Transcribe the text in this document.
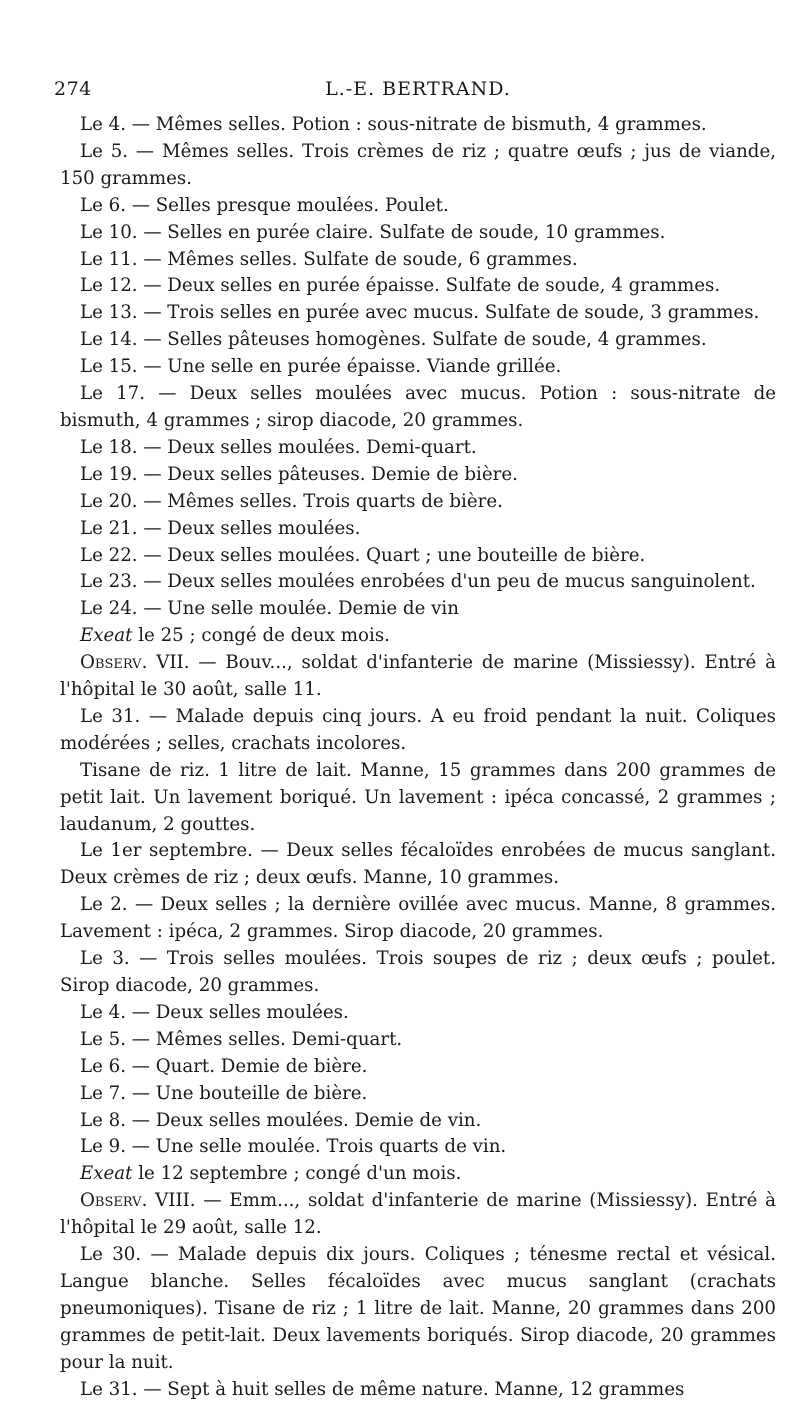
274	L.-E. BERTRAND.

Le 4. — Mêmes selles. Potion : sous-nitrate de bismuth, 4 grammes.

Le 5. — Mêmes selles. Trois crèmes de riz ; quatre œufs ; jus de viande, 150 grammes.

Le 6. — Selles presque moulées. Poulet.

Le 10. — Selles en purée claire. Sulfate de soude, 10 grammes.

Le 11. — Mêmes selles. Sulfate de soude, 6 grammes.

Le 12. — Deux selles en purée épaisse. Sulfate de soude, 4 grammes.

Le 13. — Trois selles en purée avec mucus. Sulfate de soude, 3 grammes.

Le 14. — Selles pâteuses homogènes. Sulfate de soude, 4 grammes.

Le 15. — Une selle en purée épaisse. Viande grillée.

Le 17. — Deux selles moulées avec mucus. Potion : sous-nitrate de bismuth, 4 grammes ; sirop diacode, 20 grammes.

Le 18. — Deux selles moulées. Demi-quart.

Le 19. — Deux selles pâteuses. Demie de bière.

Le 20. — Mêmes selles. Trois quarts de bière.

Le 21. — Deux selles moulées.

Le 22. — Deux selles moulées. Quart ; une bouteille de bière.

Le 23. — Deux selles moulées enrobées d'un peu de mucus sanguinolent.

Le 24. — Une selle moulée. Demie de vin

Exeat le 25 ; congé de deux mois.

Observ. VII. — Bouv..., soldat d'infanterie de marine (Missiessy). Entré à l'hôpital le 30 août, salle 11.

Le 31. — Malade depuis cinq jours. A eu froid pendant la nuit. Coliques modérées ; selles, crachats incolores.

Tisane de riz. 1 litre de lait. Manne, 15 grammes dans 200 grammes de petit lait. Un lavement boriqué. Un lavement : ipéca concassé, 2 grammes ; laudanum, 2 gouttes.

Le 1er septembre. — Deux selles fécaloïdes enrobées de mucus sanglant. Deux crèmes de riz ; deux œufs. Manne, 10 grammes.

Le 2. — Deux selles ; la dernière ovillée avec mucus. Manne, 8 grammes. Lavement : ipéca, 2 grammes. Sirop diacode, 20 grammes.

Le 3. — Trois selles moulées. Trois soupes de riz ; deux œufs ; poulet. Sirop diacode, 20 grammes.

Le 4. — Deux selles moulées.

Le 5. — Mêmes selles. Demi-quart.

Le 6. — Quart. Demie de bière.

Le 7. — Une bouteille de bière.

Le 8. — Deux selles moulées. Demie de vin.

Le 9. — Une selle moulée. Trois quarts de vin.

Exeat le 12 septembre ; congé d'un mois.

Observ. VIII. — Emm..., soldat d'infanterie de marine (Missiessy). Entré à l'hôpital le 29 août, salle 12.

Le 30. — Malade depuis dix jours. Coliques ; ténesme rectal et vésical. Langue blanche. Selles fécaloïdes avec mucus sanglant (crachats pneumoniques). Tisane de riz ; 1 litre de lait. Manne, 20 grammes dans 200 grammes de petit-lait. Deux lavements boriqués. Sirop diacode, 20 grammes pour la nuit.

Le 31. — Sept à huit selles de même nature. Manne, 12 grammes
